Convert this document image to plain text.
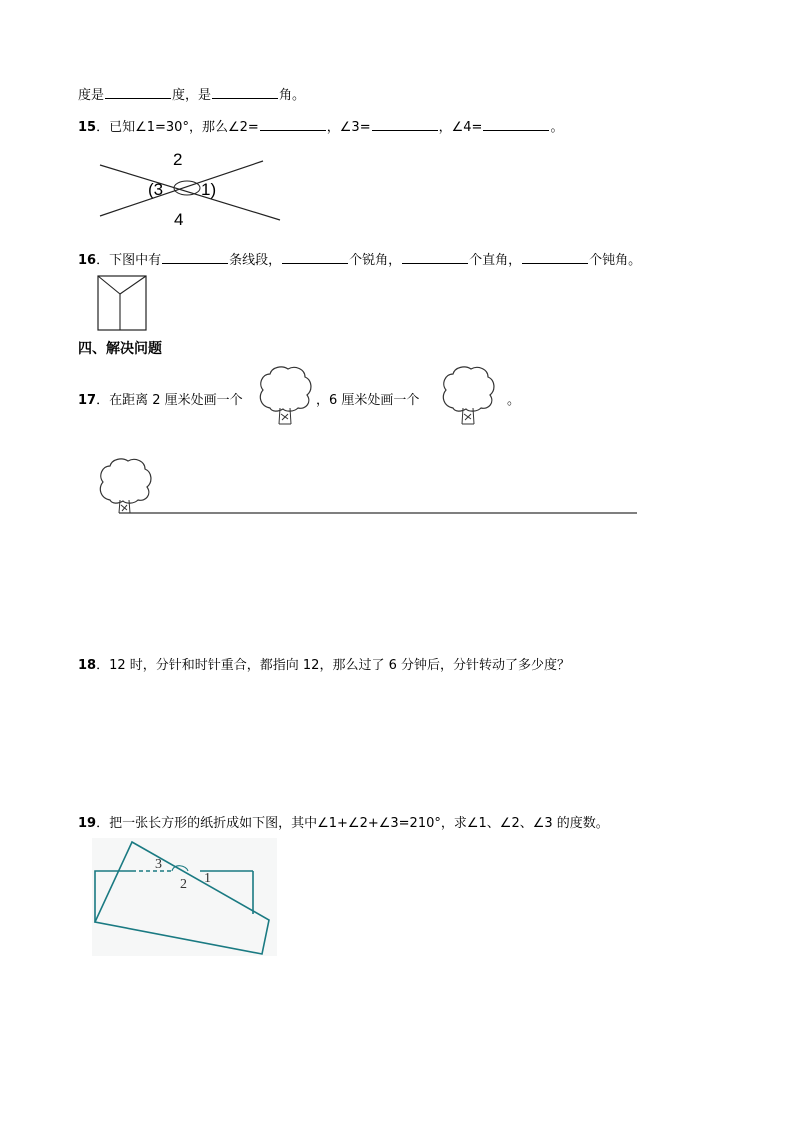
度是	度，是	角。
15．已知∠1=30°，那么∠2=	，∠3=	，∠4=	。
2
(3 1)
4
16．下图中有	条线段，	个锐角，	个直角，	个钝角。
四、解决问题
17．在距离 2 厘米处画一个	，6 厘米处画一个	。
18．12 时，分针和时针重合，都指向 12，那么过了 6 分钟后，分针转动了多少度？
19．把一张长方形的纸折成如下图，其中∠1+∠2+∠3=210°，求∠1、∠2、∠3 的度数。
3
2 1
